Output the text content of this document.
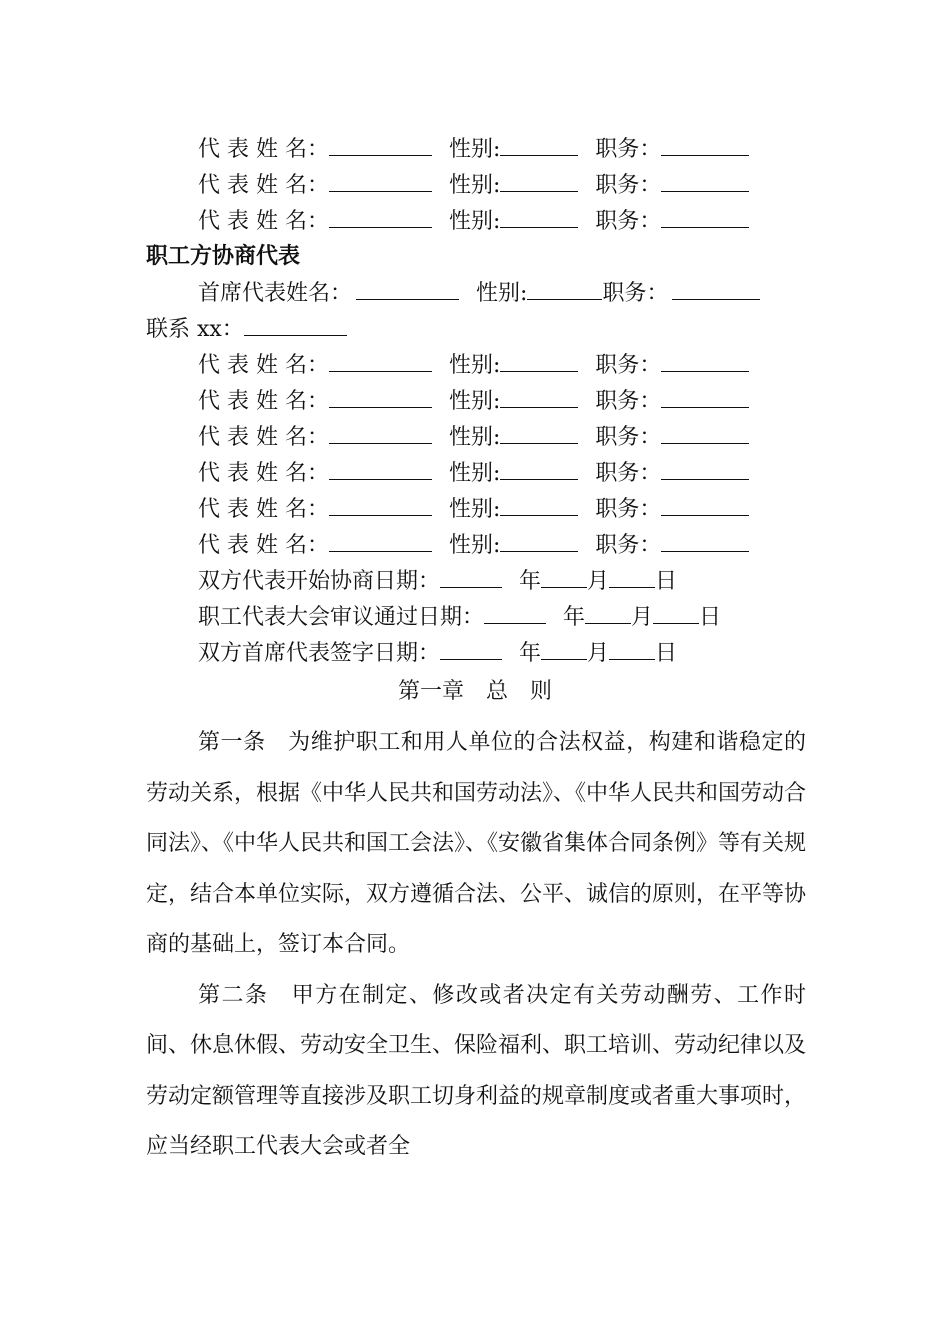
代 表 姓 名：	性别:	职务：
代 表 姓 名：	性别:	职务：
代 表 姓 名：	性别:	职务：
职工方协商代表
首席代表姓名：	性别:	职务：
联系 xx：
代 表 姓 名：	性别:	职务：
代 表 姓 名：	性别:	职务：
代 表 姓 名：	性别:	职务：
代 表 姓 名：	性别:	职务：
代 表 姓 名：	性别:	职务：
代 表 姓 名：	性别:	职务：
双方代表开始协商日期：	年 月 日
职工代表大会审议通过日期：	年 月 日
双方首席代表签字日期：	年 月 日
第一章　总　则

第一条　为维护职工和用人单位的合法权益，构建和谐稳定的劳动关系，根据《中华人民共和国劳动法》、《中华人民共和国劳动合同法》、《中华人民共和国工会法》、《安徽省集体合同条例》等有关规定，结合本单位实际，双方遵循合法、公平、诚信的原则，在平等协商的基础上，签订本合同。

第二条　甲方在制定、修改或者决定有关劳动酬劳、工作时间、休息休假、劳动安全卫生、保险福利、职工培训、劳动纪律以及劳动定额管理等直接涉及职工切身利益的规章制度或者重大事项时，应当经职工代表大会或者全
